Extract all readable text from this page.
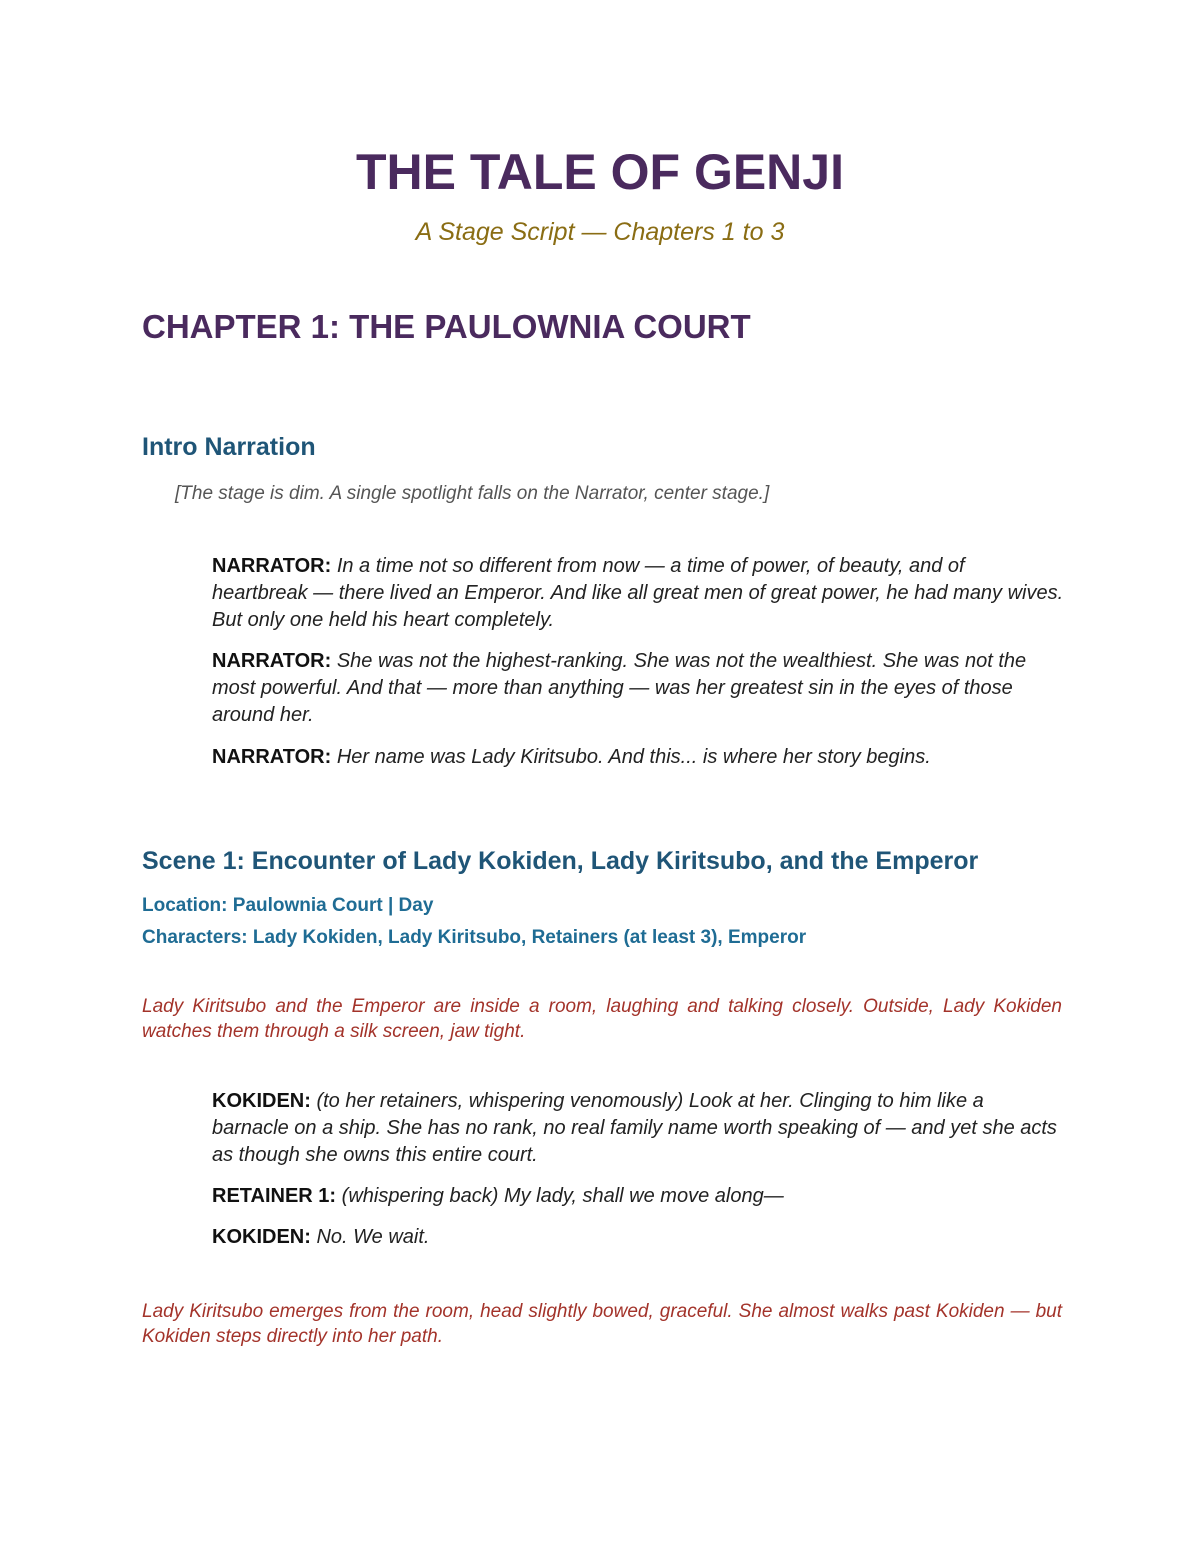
THE TALE OF GENJI

A Stage Script — Chapters 1 to 3

CHAPTER 1: THE PAULOWNIA COURT
Intro Narration

[The stage is dim. A single spotlight falls on the Narrator, center stage.]

NARRATOR: In a time not so different from now — a time of power, of beauty, and of heartbreak — there lived an Emperor. And like all great men of great power, he had many wives. But only one held his heart completely.

NARRATOR: She was not the highest-ranking. She was not the wealthiest. She was not the most powerful. And that — more than anything — was her greatest sin in the eyes of those around her.

NARRATOR: Her name was Lady Kiritsubo. And this... is where her story begins.

Scene 1: Encounter of Lady Kokiden, Lady Kiritsubo, and the Emperor

Location: Paulownia Court | Day

Characters: Lady Kokiden, Lady Kiritsubo, Retainers (at least 3), Emperor

Lady Kiritsubo and the Emperor are inside a room, laughing and talking closely. Outside, Lady Kokiden watches them through a silk screen, jaw tight.

KOKIDEN: (to her retainers, whispering venomously) Look at her. Clinging to him like a barnacle on a ship. She has no rank, no real family name worth speaking of — and yet she acts as though she owns this entire court.

RETAINER 1: (whispering back) My lady, shall we move along—

KOKIDEN: No. We wait.

Lady Kiritsubo emerges from the room, head slightly bowed, graceful. She almost walks past Kokiden — but Kokiden steps directly into her path.
